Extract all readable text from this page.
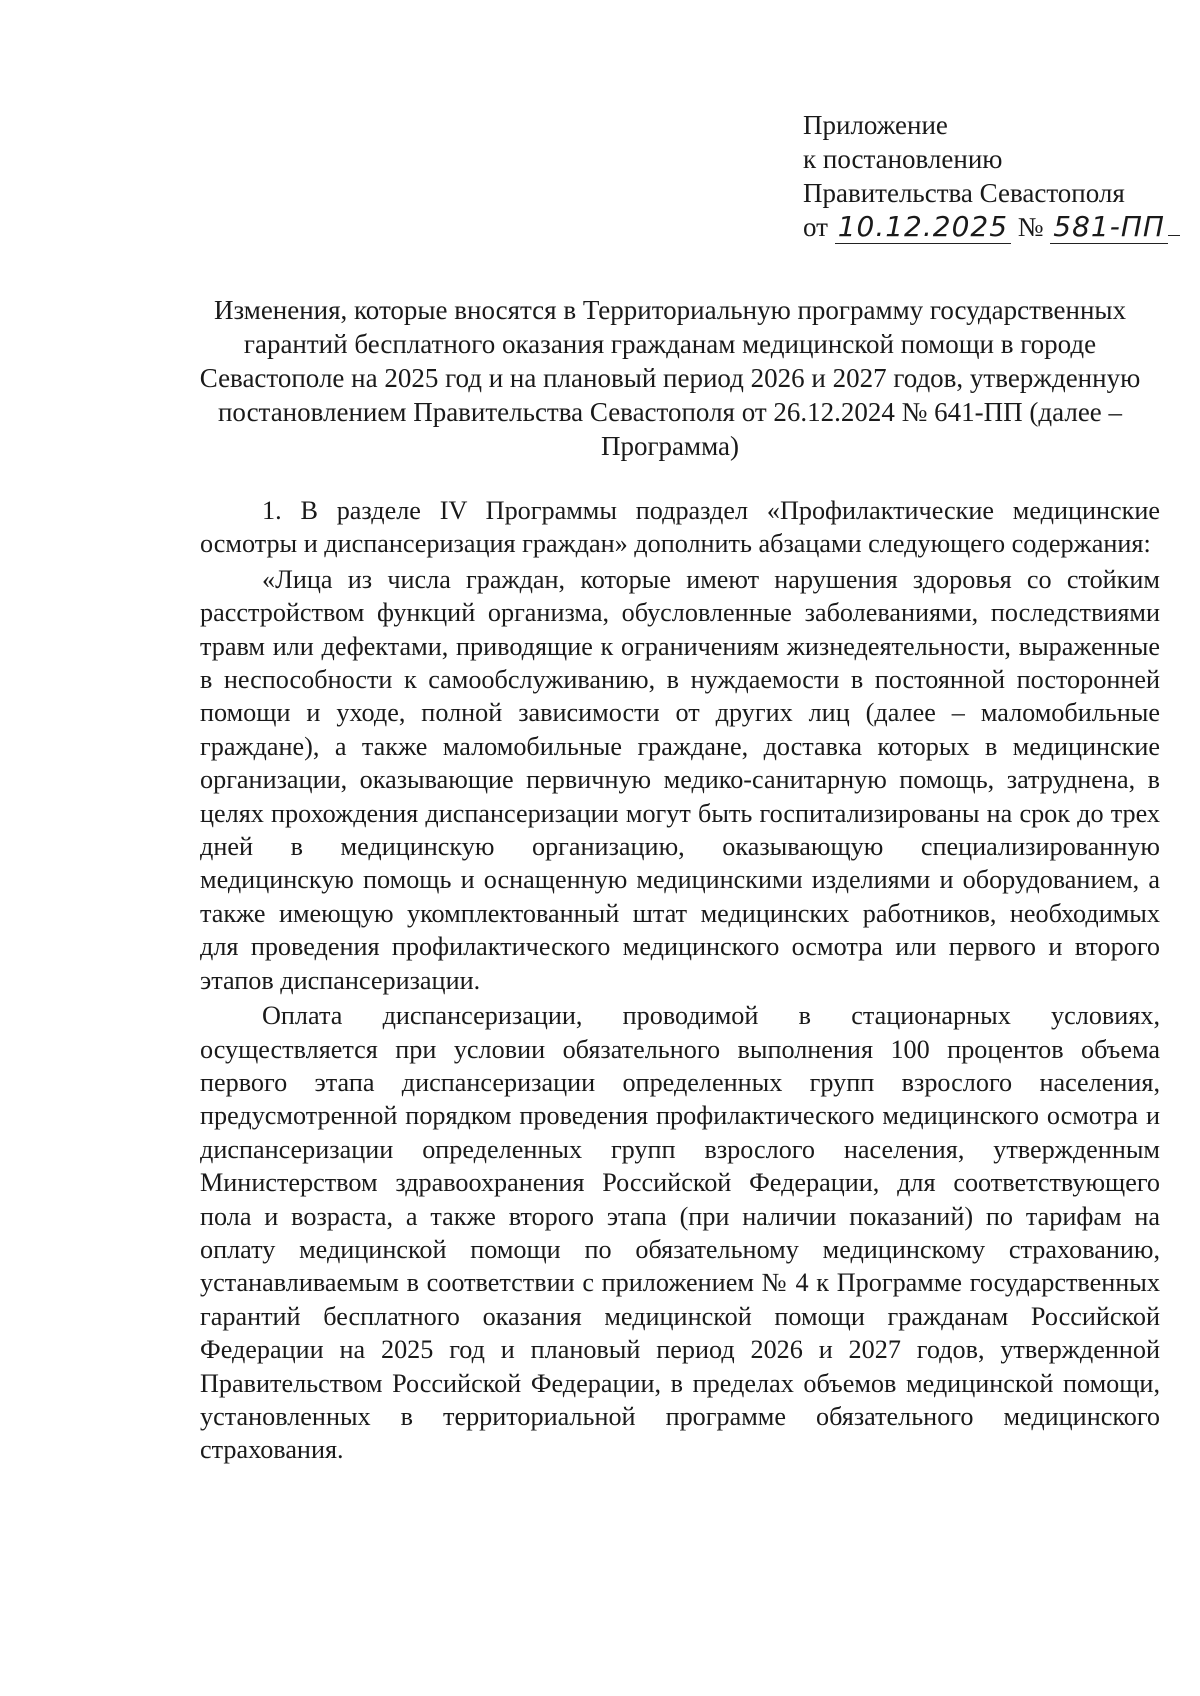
Приложение
к постановлению
Правительства Севастополя
от 10.12.2025 № 581-ПП
Изменения, которые вносятся в Территориальную программу государственных гарантий бесплатного оказания гражданам медицинской помощи в городе Севастополе на 2025 год и на плановый период 2026 и 2027 годов, утвержденную постановлением Правительства Севастополя от 26.12.2024 № 641-ПП (далее – Программа)

1. В разделе IV Программы подраздел «Профилактические медицинские осмотры и диспансеризация граждан» дополнить абзацами следующего содержания:

«Лица из числа граждан, которые имеют нарушения здоровья со стойким расстройством функций организма, обусловленные заболеваниями, последствиями травм или дефектами, приводящие к ограничениям жизнедеятельности, выраженные в неспособности к самообслуживанию, в нуждаемости в постоянной посторонней помощи и уходе, полной зависимости от других лиц (далее – маломобильные граждане), а также маломобильные граждане, доставка которых в медицинские организации, оказывающие первичную медико-санитарную помощь, затруднена, в целях прохождения диспансеризации могут быть госпитализированы на срок до трех дней в медицинскую организацию, оказывающую специализированную медицинскую помощь и оснащенную медицинскими изделиями и оборудованием, а также имеющую укомплектованный штат медицинских работников, необходимых для проведения профилактического медицинского осмотра или первого и второго этапов диспансеризации.

Оплата диспансеризации, проводимой в стационарных условиях, осуществляется при условии обязательного выполнения 100 процентов объема первого этапа диспансеризации определенных групп взрослого населения, предусмотренной порядком проведения профилактического медицинского осмотра и диспансеризации определенных групп взрослого населения, утвержденным Министерством здравоохранения Российской Федерации, для соответствующего пола и возраста, а также второго этапа (при наличии показаний) по тарифам на оплату медицинской помощи по обязательному медицинскому страхованию, устанавливаемым в соответствии с приложением № 4 к Программе государственных гарантий бесплатного оказания медицинской помощи гражданам Российской Федерации на 2025 год и плановый период 2026 и 2027 годов, утвержденной Правительством Российской Федерации, в пределах объемов медицинской помощи, установленных в территориальной программе обязательного медицинского страхования.
